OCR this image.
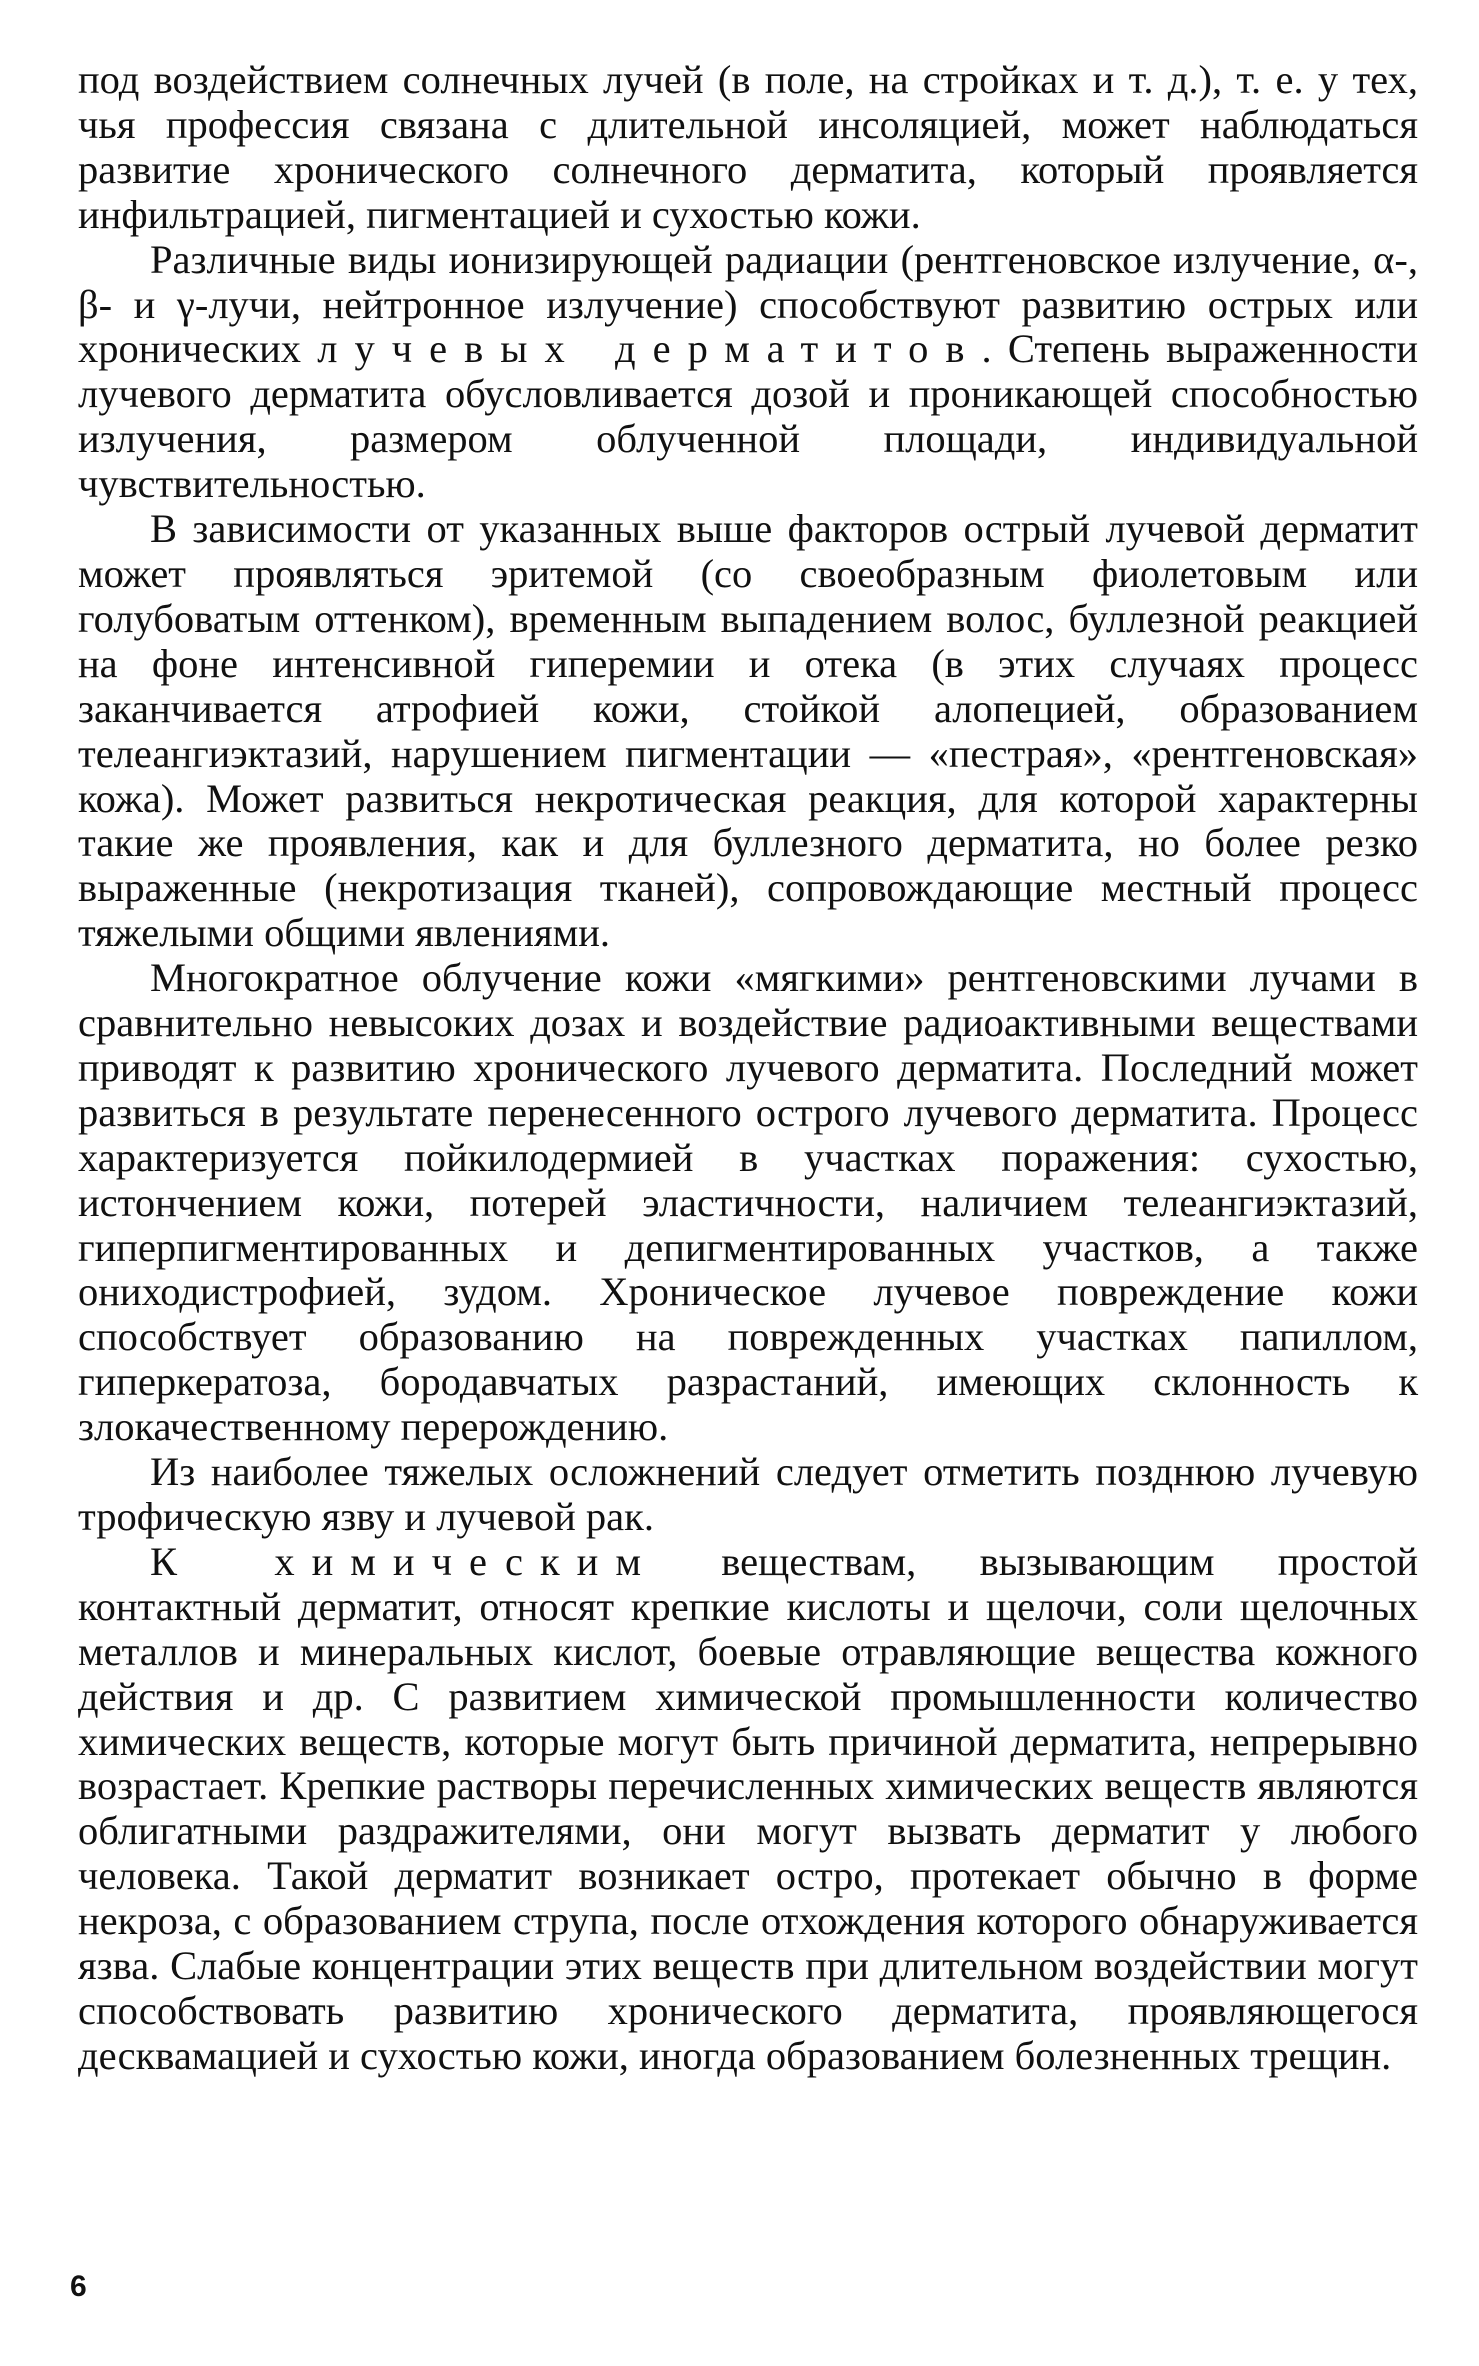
под воздействием солнечных лучей (в поле, на стройках и т. д.), т. е. у тех, чья профессия связана с длительной инсоляцией, может наблюдаться развитие хронического солнечного дерматита, который проявляется инфильтрацией, пигментацией и сухостью кожи.

Различные виды ионизирующей радиации (рентгеновское излучение, α-, β- и γ-лучи, нейтронное излучение) способствуют развитию острых или хронических лучевых дерматитов. Степень выраженности лучевого дерматита обусловливается дозой и проникающей способностью излучения, размером облученной площади, индивидуальной чувствительностью.

В зависимости от указанных выше факторов острый лучевой дерматит может проявляться эритемой (со своеобразным фиолетовым или голубоватым оттенком), временным выпадением волос, буллезной реакцией на фоне интенсивной гиперемии и отека (в этих случаях процесс заканчивается атрофией кожи, стойкой алопецией, образованием телеангиэктазий, нарушением пигментации — «пестрая», «рентгеновская» кожа). Может развиться некротическая реакция, для которой характерны такие же проявления, как и для буллезного дерматита, но более резко выраженные (некротизация тканей), сопровождающие местный процесс тяжелыми общими явлениями.

Многократное облучение кожи «мягкими» рентгеновскими лучами в сравнительно невысоких дозах и воздействие радиоактивными веществами приводят к развитию хронического лучевого дерматита. Последний может развиться в результате перенесенного острого лучевого дерматита. Процесс характеризуется пойкилодермией в участках поражения: сухостью, истончением кожи, потерей эластичности, наличием телеангиэктазий, гиперпигментированных и депигментированных участков, а также ониходистрофией, зудом. Хроническое лучевое повреждение кожи способствует образованию на поврежденных участках папиллом, гиперкератоза, бородавчатых разрастаний, имеющих склонность к злокачественному перерождению.

Из наиболее тяжелых осложнений следует отметить позднюю лучевую трофическую язву и лучевой рак.

К химическим веществам, вызывающим простой контактный дерматит, относят крепкие кислоты и щелочи, соли щелочных металлов и минеральных кислот, боевые отравляющие вещества кожного действия и др. С развитием химической промышленности количество химических веществ, которые могут быть причиной дерматита, непрерывно возрастает. Крепкие растворы перечисленных химических веществ являются облигатными раздражителями, они могут вызвать дерматит у любого человека. Такой дерматит возникает остро, протекает обычно в форме некроза, с образованием струпа, после отхождения которого обнаруживается язва. Слабые концентрации этих веществ при длительном воздействии могут способствовать развитию хронического дерматита, проявляющегося десквамацией и сухостью кожи, иногда образованием болезненных трещин.

6
